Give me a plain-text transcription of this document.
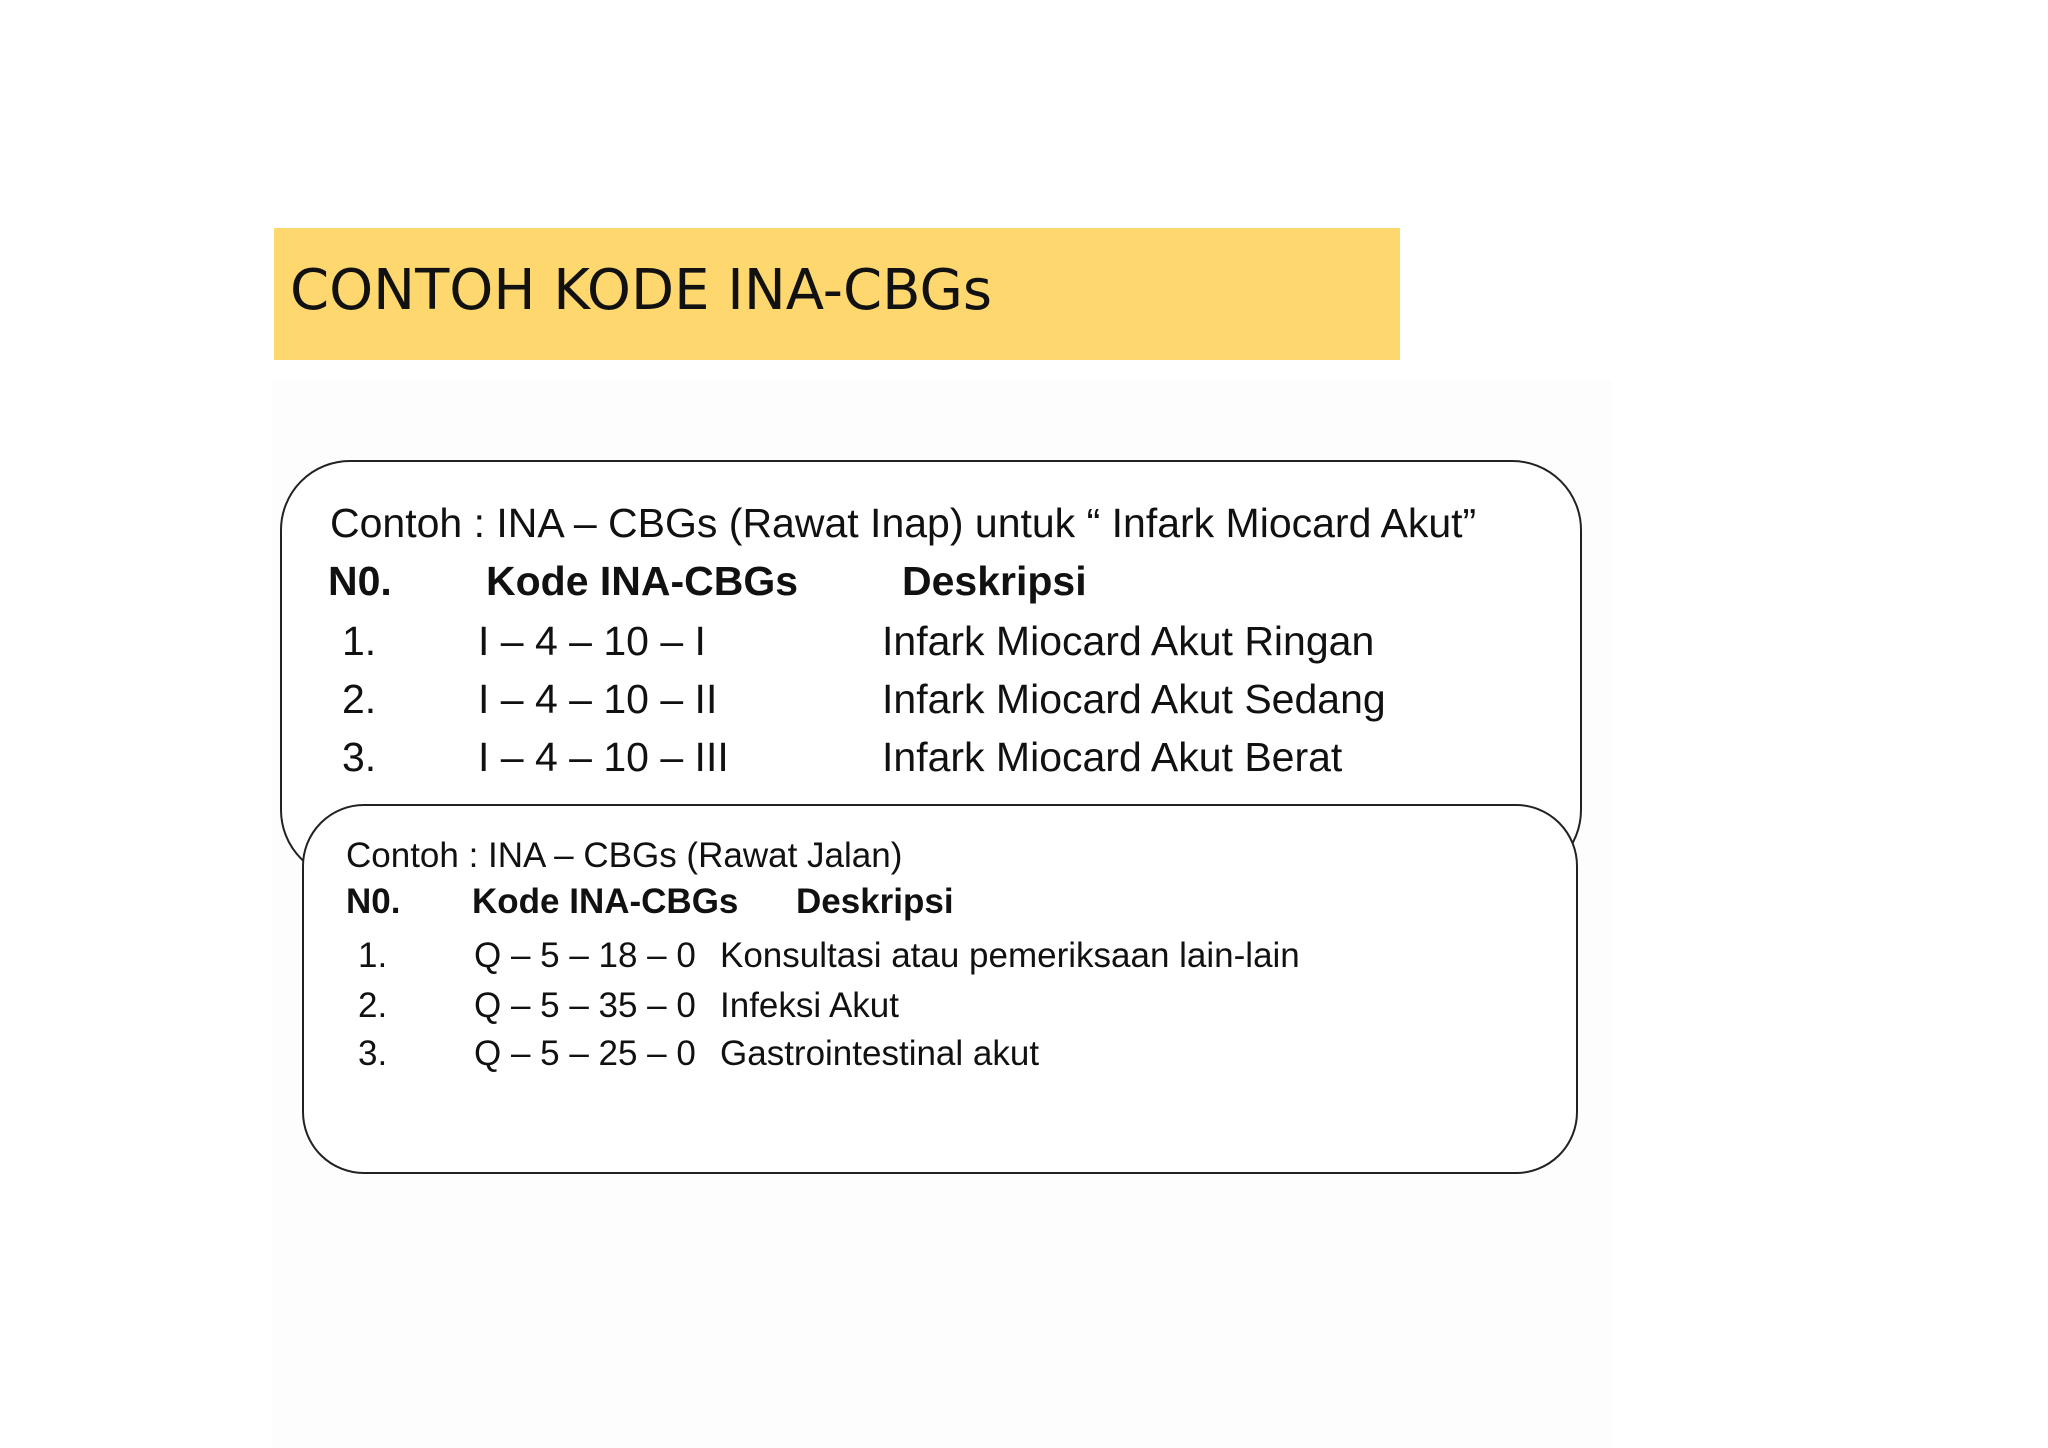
CONTOH KODE INA-CBGs
Contoh : INA – CBGs (Rawat Inap) untuk “ Infark Miocard Akut”
N0. Kode INA-CBGs	Deskripsi
1. I – 4 – 10 – I	Infark Miocard Akut Ringan
2. I – 4 – 10 – II	Infark Miocard Akut Sedang
3. I – 4 – 10 – III	Infark Miocard Akut Berat
Contoh : INA – CBGs (Rawat Jalan)
N0. Kode INA-CBGs Deskripsi
1. Q – 5 – 18 – 0 Konsultasi atau pemeriksaan lain-lain
2. Q – 5 – 35 – 0 Infeksi Akut
3. Q – 5 – 25 – 0 Gastrointestinal akut
